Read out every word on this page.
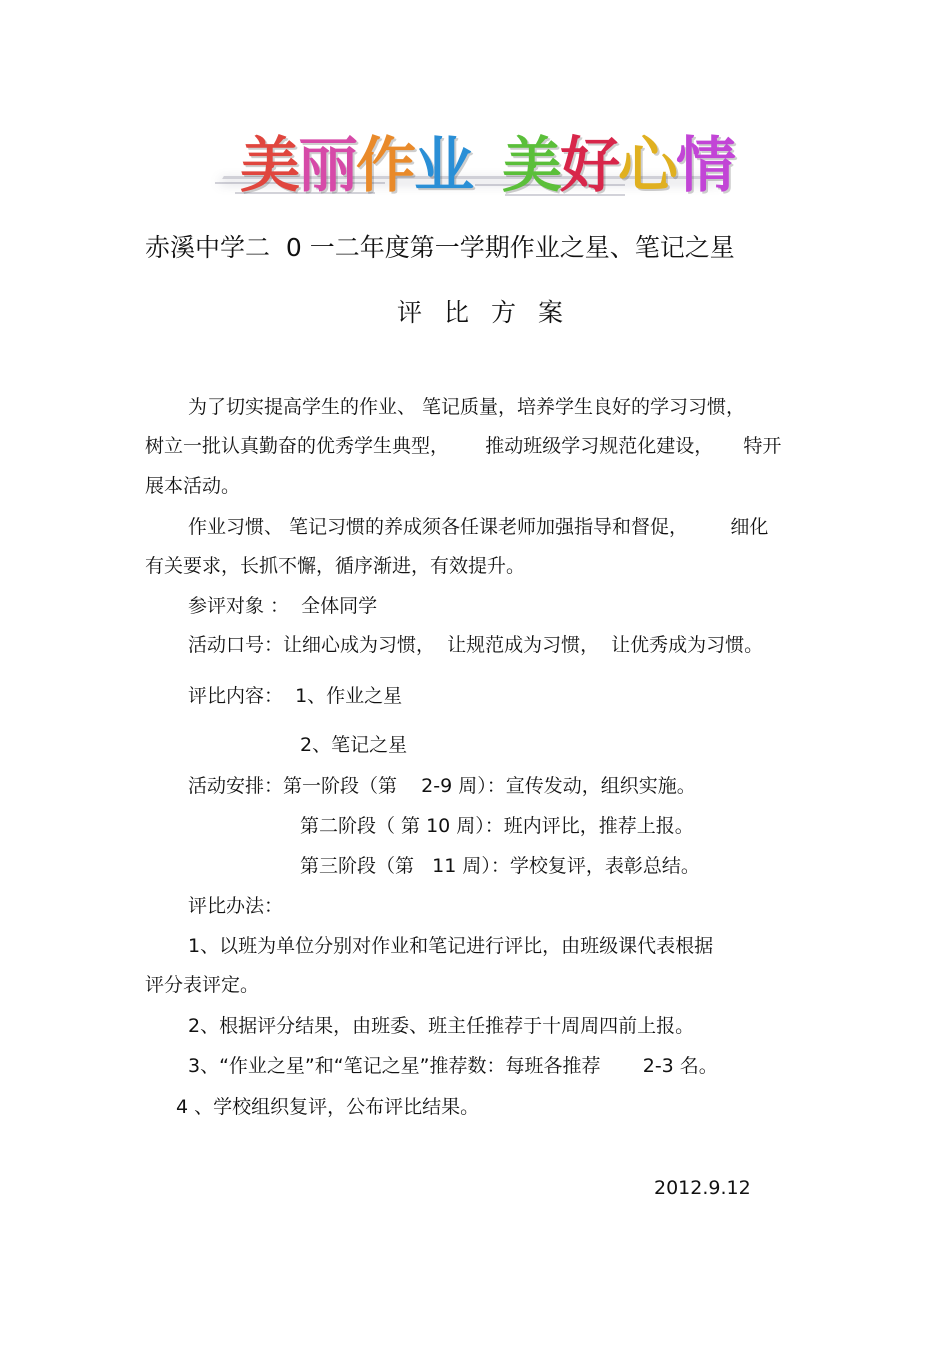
美
丽
作
业 美
好
心
情
赤溪中学二  0 一二年度第一学期作业之星、笔记之星
评比方案
为了切实提高学生的作业、 笔记质量，培养学生良好的学习习惯，
树立一批认真勤奋的优秀学生典型，      推动班级学习规范化建设，     特开
展本活动。
作业习惯、 笔记习惯的养成须各任课老师加强指导和督促，       细化
有关要求，长抓不懈，循序渐进，有效提升。
参评对象 ：  全体同学
活动口号：让细心成为习惯，  让规范成为习惯，  让优秀成为习惯。
评比内容：  1、作业之星
2、笔记之星
活动安排：第一阶段（第    2-9 周）：宣传发动，组织实施。
第二阶段（ 第 10 周）：班内评比，推荐上报。
第三阶段（第   11 周）：学校复评，表彰总结。
评比办法：
1、以班为单位分别对作业和笔记进行评比，由班级课代表根据
评分表评定。
2、根据评分结果，由班委、班主任推荐于十周周四前上报。
3、“作业之星”和“笔记之星”推荐数：每班各推荐       2-3 名。
4 、学校组织复评，公布评比结果。
2012.9.12
